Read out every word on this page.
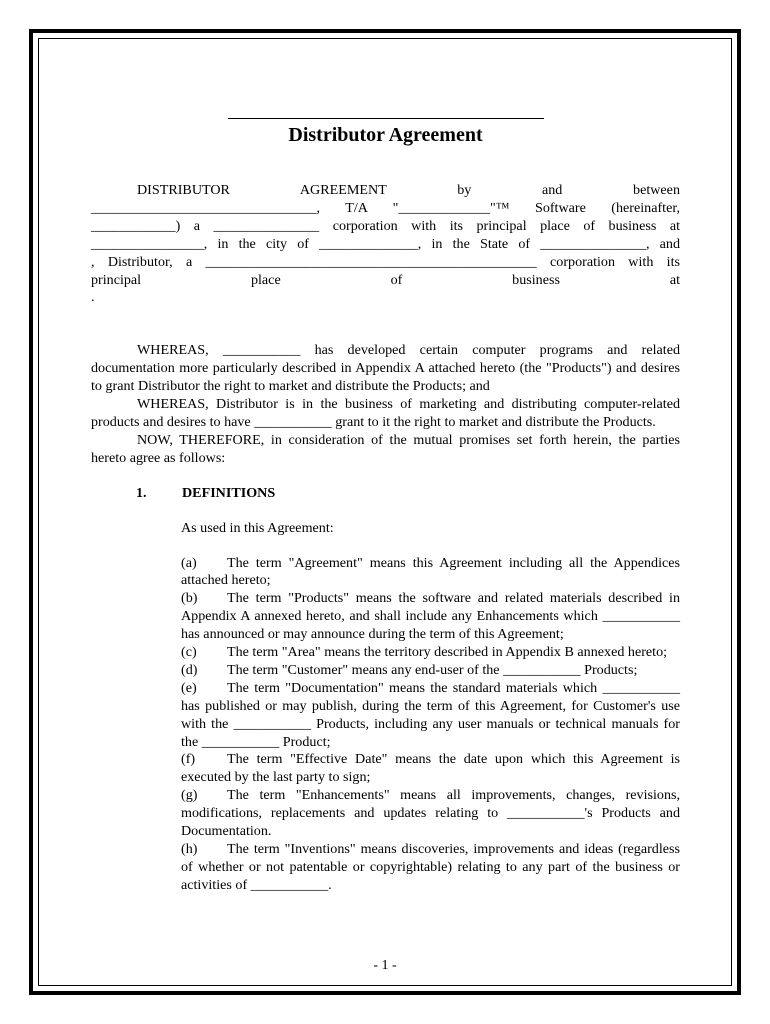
Distributor Agreement

DISTRIBUTOR AGREEMENT by and between

________________________________, T/A "_____________"™ Software (hereinafter,

____________) a _______________ corporation with its principal place of business at

________________, in the city of ______________, in the State of _______________, and

, Distributor, a _______________________________________________ corporation with its

principal place of business at

.

WHEREAS, ___________ has developed certain computer programs and related documentation more particularly described in Appendix A attached hereto (the "Products") and desires to grant Distributor the right to market and distribute the Products; and

WHEREAS, Distributor is in the business of marketing and distributing computer-related products and desires to have ___________ grant to it the right to market and distribute the Products.

NOW, THEREFORE, in consideration of the mutual promises set forth herein, the parties hereto agree as follows:

1.	DEFINITIONS

As used in this Agreement:

(a) The term "Agreement" means this Agreement including all the Appendices attached hereto;
(b) The term "Products" means the software and related materials described in Appendix A annexed hereto, and shall include any Enhancements which ___________ has announced or may announce during the term of this Agreement;
(c) The term "Area" means the territory described in Appendix B annexed hereto;
(d) The term "Customer" means any end-user of the ___________ Products;
(e) The term "Documentation" means the standard materials which ___________ has published or may publish, during the term of this Agreement, for Customer's use with the ___________ Products, including any user manuals or technical manuals for the ___________ Product;
(f) The term "Effective Date" means the date upon which this Agreement is executed by the last party to sign;
(g) The term "Enhancements" means all improvements, changes, revisions, modifications, replacements and updates relating to ___________'s Products and Documentation.
(h) The term "Inventions" means discoveries, improvements and ideas (regardless of whether or not patentable or copyrightable) relating to any part of the business or activities of ___________.
- 1 -
